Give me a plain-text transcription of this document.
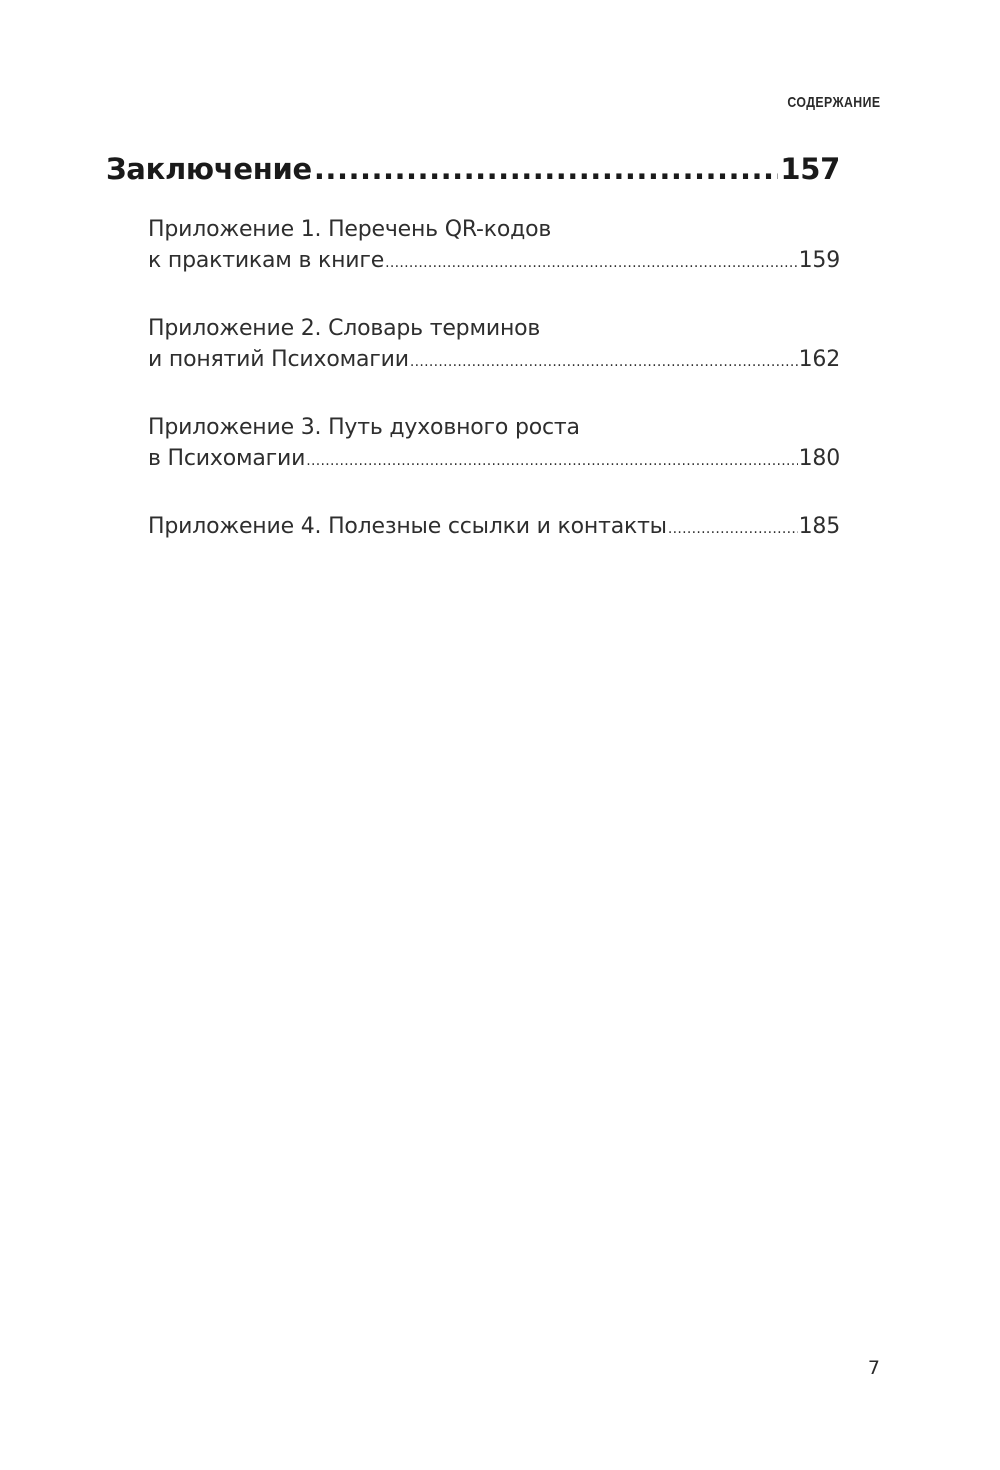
СОДЕРЖАНИЕ
Заключение .....	157
Приложение 1. Перечень QR-кодов
к практикам в книге .....	159
Приложение 2. Словарь терминов
и понятий Психомагии .....	162
Приложение 3. Путь духовного роста
в Психомагии .....	180
Приложение 4. Полезные ссылки и контакты .....	185
7
